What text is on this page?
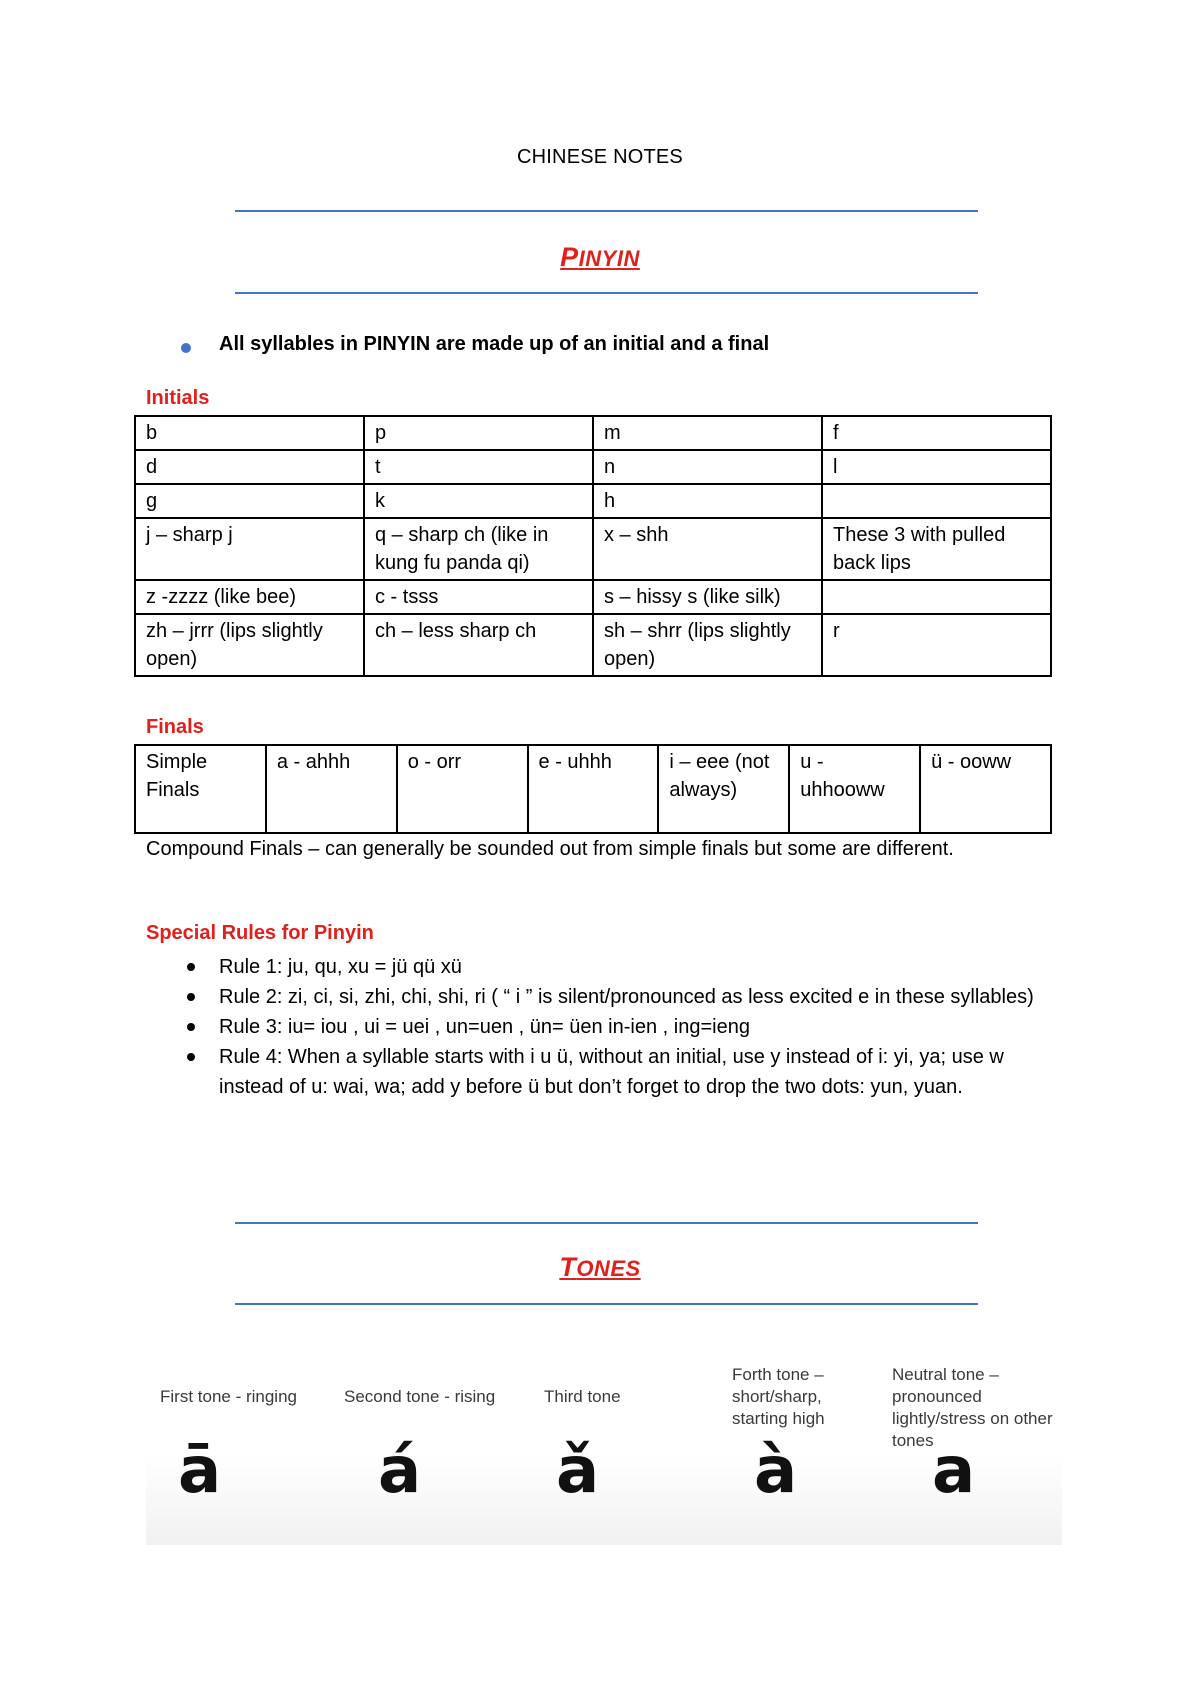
CHINESE NOTES
PINYIN
All syllables in PINYIN are made up of an initial and a final
Initials
b	p	m	f
d	t	n	l
g	k	h	
j – sharp j	q – sharp ch (like in kung fu panda qi)	x – shh	These 3 with pulled back lips
z -zzzz (like bee)	c - tsss	s – hissy s (like silk)	
zh – jrrr (lips slightly open)	ch – less sharp ch	sh – shrr (lips slightly open)	r
Finals
Simple Finals	a - ahhh	o - orr	e - uhhh	i – eee (not always)	u - uhhooww	ü - ooww
Compound Finals – can generally be sounded out from simple finals but some are different.
Special Rules for Pinyin
Rule 1: ju, qu, xu = jü qü xü
Rule 2: zi, ci, si, zhi, chi, shi, ri ( “ i ” is silent/pronounced as less excited e in these syllables)
Rule 3: iu= iou , ui = uei , un=uen , ün= üen in-ien , ing=ieng
Rule 4: When a syllable starts with i u ü, without an initial, use y instead of i: yi, ya; use w instead of u: wai, wa; add y before ü but don’t forget to drop the two dots: yun, yuan.
TONES
First tone - ringing
ā
Second tone - rising
á
Third tone
ǎ
Forth tone – short/sharp, starting high
à
Neutral tone – pronounced lightly/stress on other tones
a
